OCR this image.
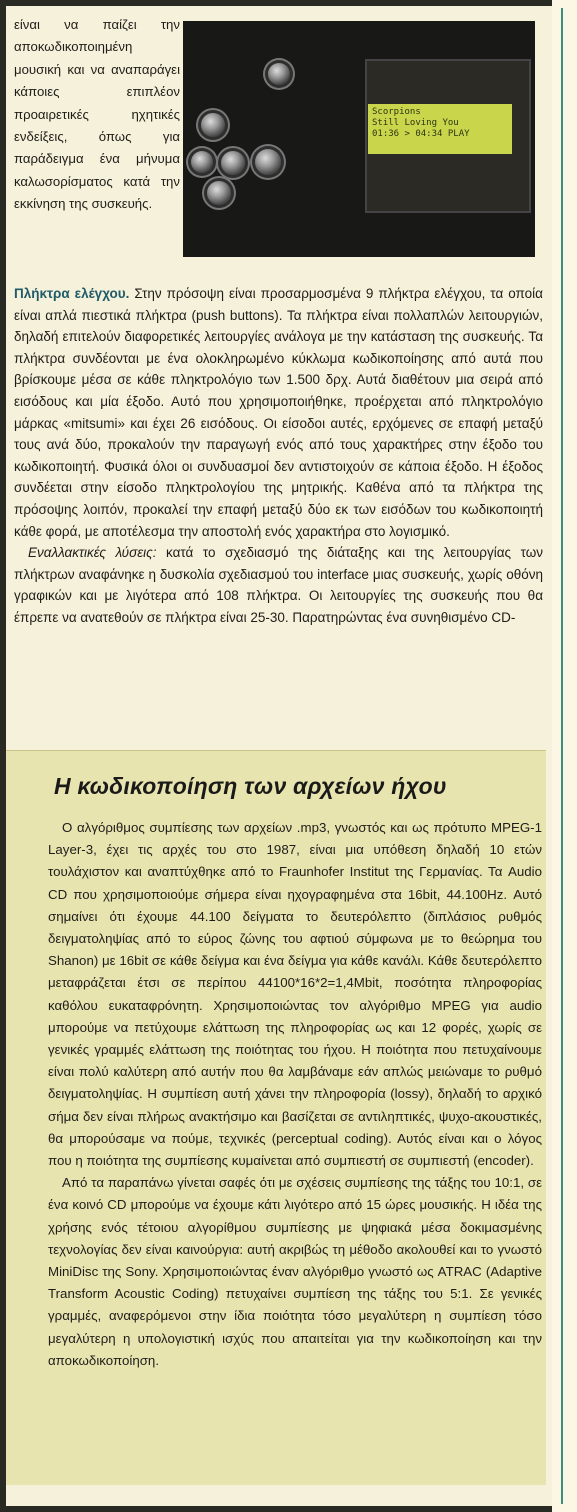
είναι να παίζει την αποκωδικοποιημένη μουσική και να αναπαράγει κάποιες επιπλέον προαιρετικές ηχητικές ενδείξεις, όπως για παράδειγμα ένα μήνυμα καλωσορίσματος κατά την εκκίνηση της συσκευής.
Scorpions
Still Loving You
01:36 > 04:34 PLAY

Πλήκτρα ελέγχου. Στην πρόσοψη είναι προσαρμοσμένα 9 πλήκτρα ελέγχου, τα οποία είναι απλά πιεστικά πλήκτρα (push buttons). Τα πλήκτρα είναι πολλαπλών λειτουργιών, δηλαδή επιτελούν διαφορετικές λειτουργίες ανάλογα με την κατάσταση της συσκευής. Τα πλήκτρα συνδέονται με ένα ολοκληρωμένο κύκλωμα κωδικοποίησης από αυτά που βρίσκουμε μέσα σε κάθε πληκτρολόγιο των 1.500 δρχ. Αυτά διαθέτουν μια σειρά από εισόδους και μία έξοδο. Αυτό που χρησιμοποιήθηκε, προέρχεται από πληκτρολόγιο μάρκας «mitsumi» και έχει 26 εισόδους. Οι είσοδοι αυτές, ερχόμενες σε επαφή μεταξύ τους ανά δύο, προκαλούν την παραγωγή ενός από τους χαρακτήρες στην έξοδο του κωδικοποιητή. Φυσικά όλοι οι συνδυασμοί δεν αντιστοιχούν σε κάποια έξοδο. Η έξοδος συνδέεται στην είσοδο πληκτρολογίου της μητρικής. Καθένα από τα πλήκτρα της πρόσοψης λοιπόν, προκαλεί την επαφή μεταξύ δύο εκ των εισόδων του κωδικοποιητή κάθε φορά, με αποτέλεσμα την αποστολή ενός χαρακτήρα στο λογισμικό.

Εναλλακτικές λύσεις: κατά το σχεδιασμό της διάταξης και της λειτουργίας των πλήκτρων αναφάνηκε η δυσκολία σχεδιασμού του interface μιας συσκευής, χωρίς οθόνη γραφικών και με λιγότερα από 108 πλήκτρα. Οι λειτουργίες της συσκευής που θα έπρεπε να ανατεθούν σε πλήκτρα είναι 25-30. Παρατηρώντας ένα συνηθισμένο CD-

Η κωδικοποίηση των αρχείων ήχου

Ο αλγόριθμος συμπίεσης των αρχείων .mp3, γνωστός και ως πρότυπο MPEG-1 Layer-3, έχει τις αρχές του στο 1987, είναι μια υπόθεση δηλαδή 10 ετών τουλάχιστον και αναπτύχθηκε από το Fraunhofer Institut της Γερμανίας. Τα Audio CD που χρησιμοποιούμε σήμερα είναι ηχογραφημένα στα 16bit, 44.100Hz. Αυτό σημαίνει ότι έχουμε 44.100 δείγματα το δευτερόλεπτο (διπλάσιος ρυθμός δειγματοληψίας από το εύρος ζώνης του αφτιού σύμφωνα με το θεώρημα του Shanon) με 16bit σε κάθε δείγμα και ένα δείγμα για κάθε κανάλι. Κάθε δευτερόλεπτο μεταφράζεται έτσι σε περίπου 44100*16*2=1,4Mbit, ποσότητα πληροφορίας καθόλου ευκαταφρόνητη. Χρησιμοποιώντας τον αλγόριθμο MPEG για audio μπορούμε να πετύχουμε ελάττωση της πληροφορίας ως και 12 φορές, χωρίς σε γενικές γραμμές ελάττωση της ποιότητας του ήχου. Η ποιότητα που πετυχαίνουμε είναι πολύ καλύτερη από αυτήν που θα λαμβάναμε εάν απλώς μειώναμε το ρυθμό δειγματοληψίας. Η συμπίεση αυτή χάνει την πληροφορία (lossy), δηλαδή το αρχικό σήμα δεν είναι πλήρως ανακτήσιμο και βασίζεται σε αντιληπτικές, ψυχο-ακουστικές, θα μπορούσαμε να πούμε, τεχνικές (perceptual coding). Αυτός είναι και ο λόγος που η ποιότητα της συμπίεσης κυμαίνεται από συμπιεστή σε συμπιεστή (encoder).

Από τα παραπάνω γίνεται σαφές ότι με σχέσεις συμπίεσης της τάξης του 10:1, σε ένα κοινό CD μπορούμε να έχουμε κάτι λιγότερο από 15 ώρες μουσικής. Η ιδέα της χρήσης ενός τέτοιου αλγορίθμου συμπίεσης με ψηφιακά μέσα δοκιμασμένης τεχνολογίας δεν είναι καινούργια: αυτή ακριβώς τη μέθοδο ακολουθεί και το γνωστό MiniDisc της Sony. Χρησιμοποιώντας έναν αλγόριθμο γνωστό ως ATRAC (Adaptive Transform Acoustic Coding) πετυχαίνει συμπίεση της τάξης του 5:1. Σε γενικές γραμμές, αναφερόμενοι στην ίδια ποιότητα τόσο μεγαλύτερη η συμπίεση τόσο μεγαλύτερη η υπολογιστική ισχύς που απαιτείται για την κωδικοποίηση και την αποκωδικοποίηση.
